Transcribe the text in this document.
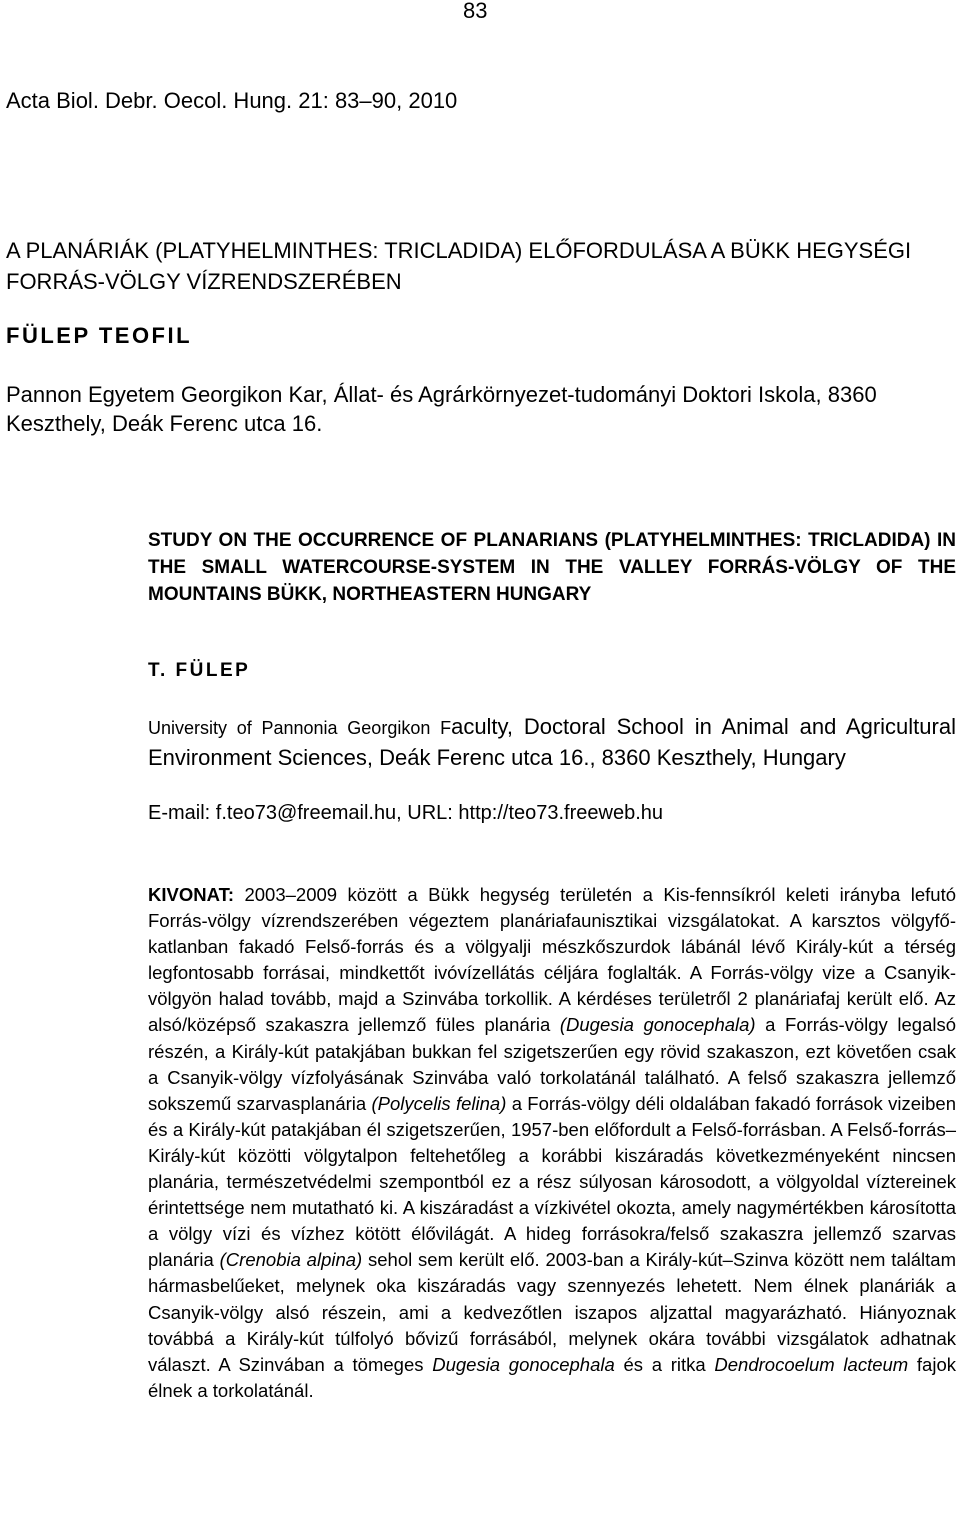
83
Acta Biol. Debr. Oecol. Hung. 21: 83–90, 2010
A PLANÁRIÁK (PLATYHELMINTHES: TRICLADIDA) ELŐFORDULÁSA A BÜKK HEGYSÉGI FORRÁS-VÖLGY VÍZRENDSZERÉBEN
FÜLEP TEOFIL
Pannon Egyetem Georgikon Kar, Állat- és Agrárkörnyezet-tudományi Doktori Iskola, 8360 Keszthely, Deák Ferenc utca 16.
STUDY ON THE OCCURRENCE OF PLANARIANS (PLATYHELMINTHES: TRICLADIDA) IN THE SMALL WATERCOURSE-SYSTEM IN THE VALLEY FORRÁS-VÖLGY OF THE MOUNTAINS BÜKK, NORTHEASTERN HUNGARY
T. FÜLEP
University of Pannonia Georgikon Faculty, Doctoral School in Animal and Agricultural Environment Sciences, Deák Ferenc utca 16., 8360 Keszthely, Hungary
E-mail: f.teo73@freemail.hu, URL: http://teo73.freeweb.hu
KIVONAT: 2003–2009 között a Bükk hegység területén a Kis-fennsíkról keleti irányba lefutó Forrás-völgy vízrendszerében végeztem planáriafaunisztikai vizsgálatokat. A karsztos völgyfő-katlanban fakadó Felső-forrás és a völgyalji mészkőszurdok lábánál lévő Király-kút a térség legfontosabb forrásai, mindkettőt ivóvízellátás céljára foglalták. A Forrás-völgy vize a Csanyik-völgyön halad tovább, majd a Szinvába torkollik. A kérdéses területről 2 planáriafaj került elő. Az alsó/középső szakaszra jellemző füles planária (Dugesia gonocephala) a Forrás-völgy legalsó részén, a Király-kút patakjában bukkan fel szigetszerűen egy rövid szakaszon, ezt követően csak a Csanyik-völgy vízfolyásának Szinvába való torkolatánál található. A felső szakaszra jellemző sokszemű szarvasplanária (Polycelis felina) a Forrás-völgy déli oldalában fakadó források vizeiben és a Király-kút patakjában él szigetszerűen, 1957-ben előfordult a Felső-forrásban. A Felső-forrás–Király-kút közötti völgytalpon feltehetőleg a korábbi kiszáradás következményeként nincsen planária, természetvédelmi szempontból ez a rész súlyosan károsodott, a völgyoldal víztereinek érintettsége nem mutatható ki. A kiszáradást a vízkivétel okozta, amely nagymértékben károsította a völgy vízi és vízhez kötött élővilágát. A hideg forrásokra/felső szakaszra jellemző szarvas planária (Crenobia alpina) sehol sem került elő. 2003-ban a Király-kút–Szinva között nem találtam hármasbelűeket, melynek oka kiszáradás vagy szennyezés lehetett. Nem élnek planáriák a Csanyik-völgy alsó részein, ami a kedvezőtlen iszapos aljzattal magyarázható. Hiányoznak továbbá a Király-kút túlfolyó bővizű forrásából, melynek okára további vizsgálatok adhatnak választ. A Szinvában a tömeges Dugesia gonocephala és a ritka Dendrocoelum lacteum fajok élnek a torkolatánál.
